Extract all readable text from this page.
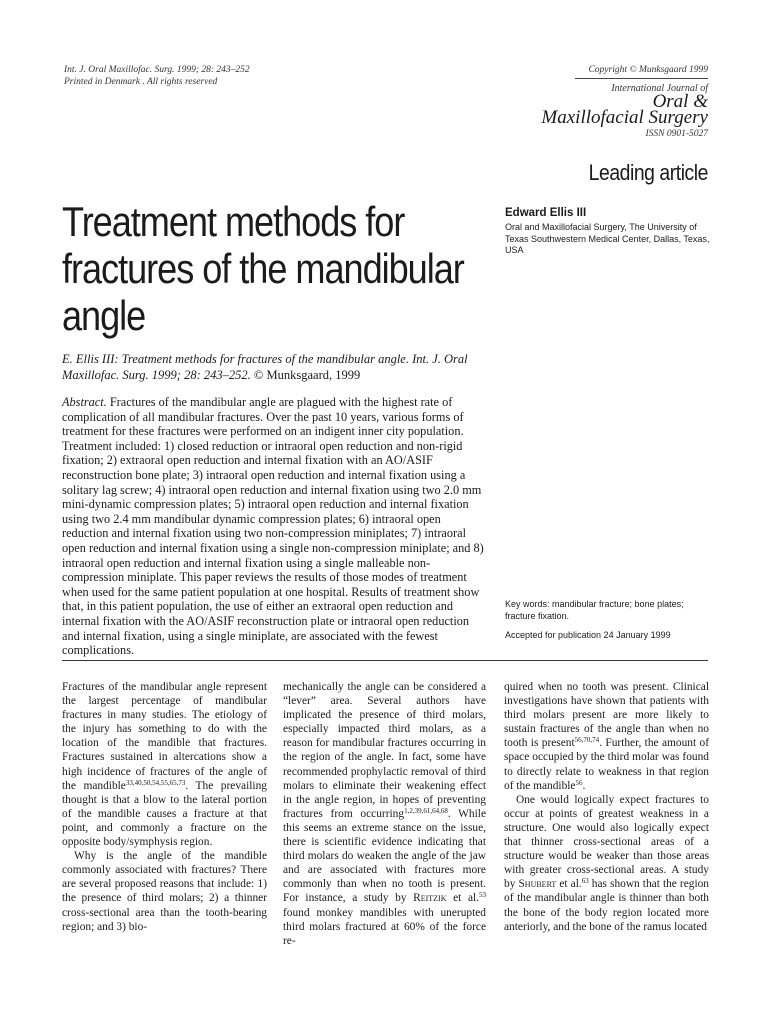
Int. J. Oral Maxillofac. Surg. 1999; 28: 243–252
Printed in Denmark . All rights reserved
Copyright © Munksgaard 1999
International Journal of
Oral &
Maxillofacial Surgery
ISSN 0901-5027
Leading article
Treatment methods for fractures of the mandibular angle
Edward Ellis III
Oral and Maxillofacial Surgery, The University of Texas Southwestern Medical Center, Dallas, Texas, USA
E. Ellis III: Treatment methods for fractures of the mandibular angle. Int. J. Oral Maxillofac. Surg. 1999; 28: 243–252. © Munksgaard, 1999
Abstract. Fractures of the mandibular angle are plagued with the highest rate of complication of all mandibular fractures. Over the past 10 years, various forms of treatment for these fractures were performed on an indigent inner city population. Treatment included: 1) closed reduction or intraoral open reduction and non-rigid fixation; 2) extraoral open reduction and internal fixation with an AO/ASIF reconstruction bone plate; 3) intraoral open reduction and internal fixation using a solitary lag screw; 4) intraoral open reduction and internal fixation using two 2.0 mm mini-dynamic compression plates; 5) intraoral open reduction and internal fixation using two 2.4 mm mandibular dynamic compression plates; 6) intraoral open reduction and internal fixation using two non-compression miniplates; 7) intraoral open reduction and internal fixation using a single non-compression miniplate; and 8) intraoral open reduction and internal fixation using a single malleable non-compression miniplate. This paper reviews the results of those modes of treatment when used for the same patient population at one hospital. Results of treatment show that, in this patient population, the use of either an extraoral open reduction and internal fixation with the AO/ASIF reconstruction plate or intraoral open reduction and internal fixation, using a single miniplate, are associated with the fewest complications.
Key words: mandibular fracture; bone plates; fracture fixation.
Accepted for publication 24 January 1999

Fractures of the mandibular angle represent the largest percentage of mandibular fractures in many studies. The etiology of the injury has something to do with the location of the mandible that fractures. Fractures sustained in altercations show a high incidence of fractures of the angle of the mandible$^{33,40,50,54,55,65,73}$. The prevailing thought is that a blow to the lateral portion of the mandible causes a fracture at that point, and commonly a fracture on the opposite body/symphysis region.

Why is the angle of the mandible commonly associated with fractures? There are several proposed reasons that include: 1) the presence of third molars; 2) a thinner cross-sectional area than the tooth-bearing region; and 3) bio-

mechanically the angle can be considered a “lever” area. Several authors have implicated the presence of third molars, especially impacted third molars, as a reason for mandibular fractures occurring in the region of the angle. In fact, some have recommended prophylactic removal of third molars to eliminate their weakening effect in the angle region, in hopes of preventing fractures from occurring$^{1,2,39,61,64,68}$. While this seems an extreme stance on the issue, there is scientific evidence indicating that third molars do weaken the angle of the jaw and are associated with fractures more commonly than when no tooth is present. For instance, a study by Reitzik et al.$^{53}$ found monkey mandibles with unerupted third molars fractured at 60% of the force re-

quired when no tooth was present. Clinical investigations have shown that patients with third molars present are more likely to sustain fractures of the angle than when no tooth is present$^{56,70,74}$. Further, the amount of space occupied by the third molar was found to directly relate to weakness in that region of the mandible$^{56}$.

One would logically expect fractures to occur at points of greatest weakness in a structure. One would also logically expect that thinner cross-sectional areas of a structure would be weaker than those areas with greater cross-sectional areas. A study by Shubert et al.$^{63}$ has shown that the region of the mandibular angle is thinner than both the bone of the body region located more anteriorly, and the bone of the ramus located
